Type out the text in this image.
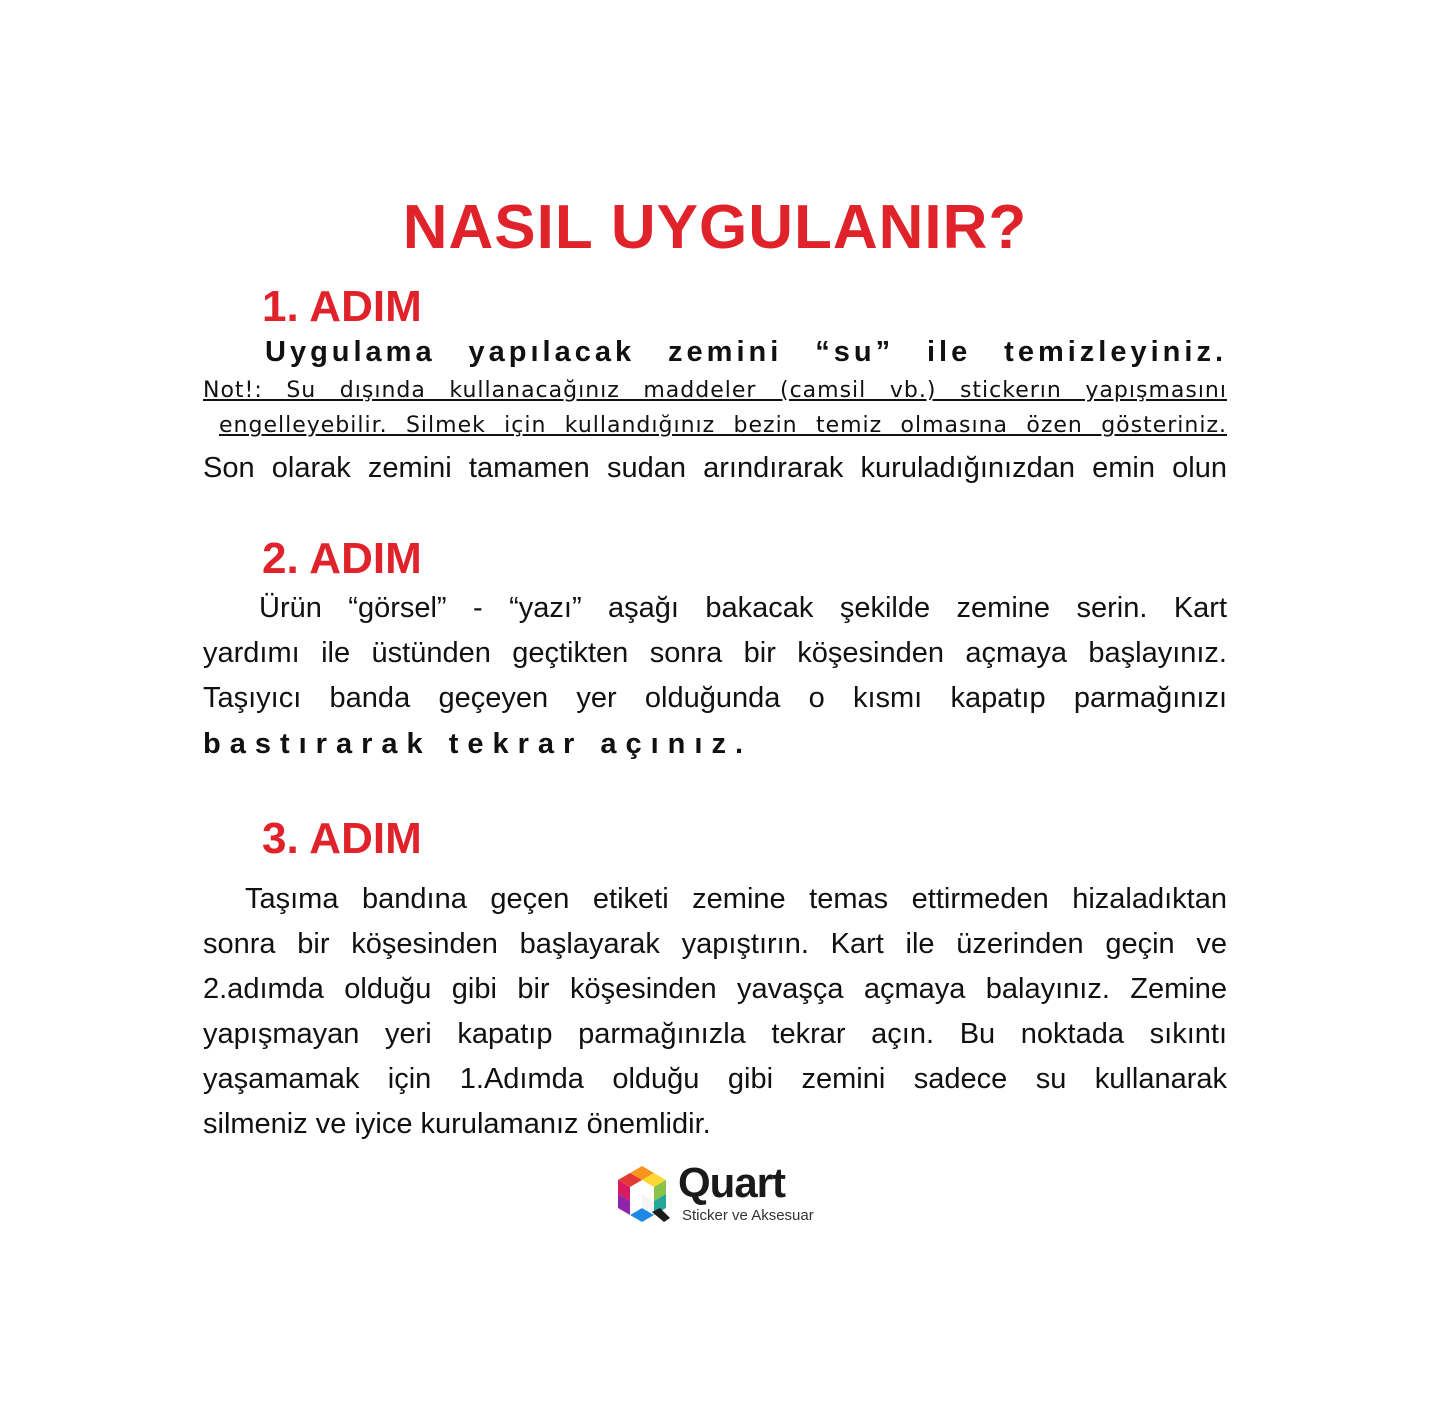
NASIL UYGULANIR?
1. ADIM
Uygulama yapılacak zemini “su” ile temizleyiniz.
Not!: Su dışında kullanacağınız maddeler (camsil vb.) stickerın yapışmasını
engelleyebilir. Silmek için kullandığınız bezin temiz olmasına özen gösteriniz.
Son olarak zemini tamamen sudan arındırarak kuruladığınızdan emin olun
2. ADIM
Ürün “görsel” - “yazı” aşağı bakacak şekilde zemine serin. Kart
yardımı ile üstünden geçtikten sonra bir köşesinden açmaya başlayınız.
Taşıyıcı banda geçeyen yer olduğunda o kısmı kapatıp parmağınızı
bastırarak tekrar açınız.
3. ADIM
Taşıma bandına geçen etiketi zemine temas ettirmeden hizaladıktan
sonra bir köşesinden başlayarak yapıştırın. Kart ile üzerinden geçin ve
2.adımda olduğu gibi bir köşesinden yavaşça açmaya balayınız. Zemine
yapışmayan yeri kapatıp parmağınızla tekrar açın. Bu noktada sıkıntı
yaşamamak için 1.Adımda olduğu gibi zemini sadece su kullanarak
silmeniz ve iyice kurulamanız önemlidir.
Quart
Sticker ve Aksesuar
